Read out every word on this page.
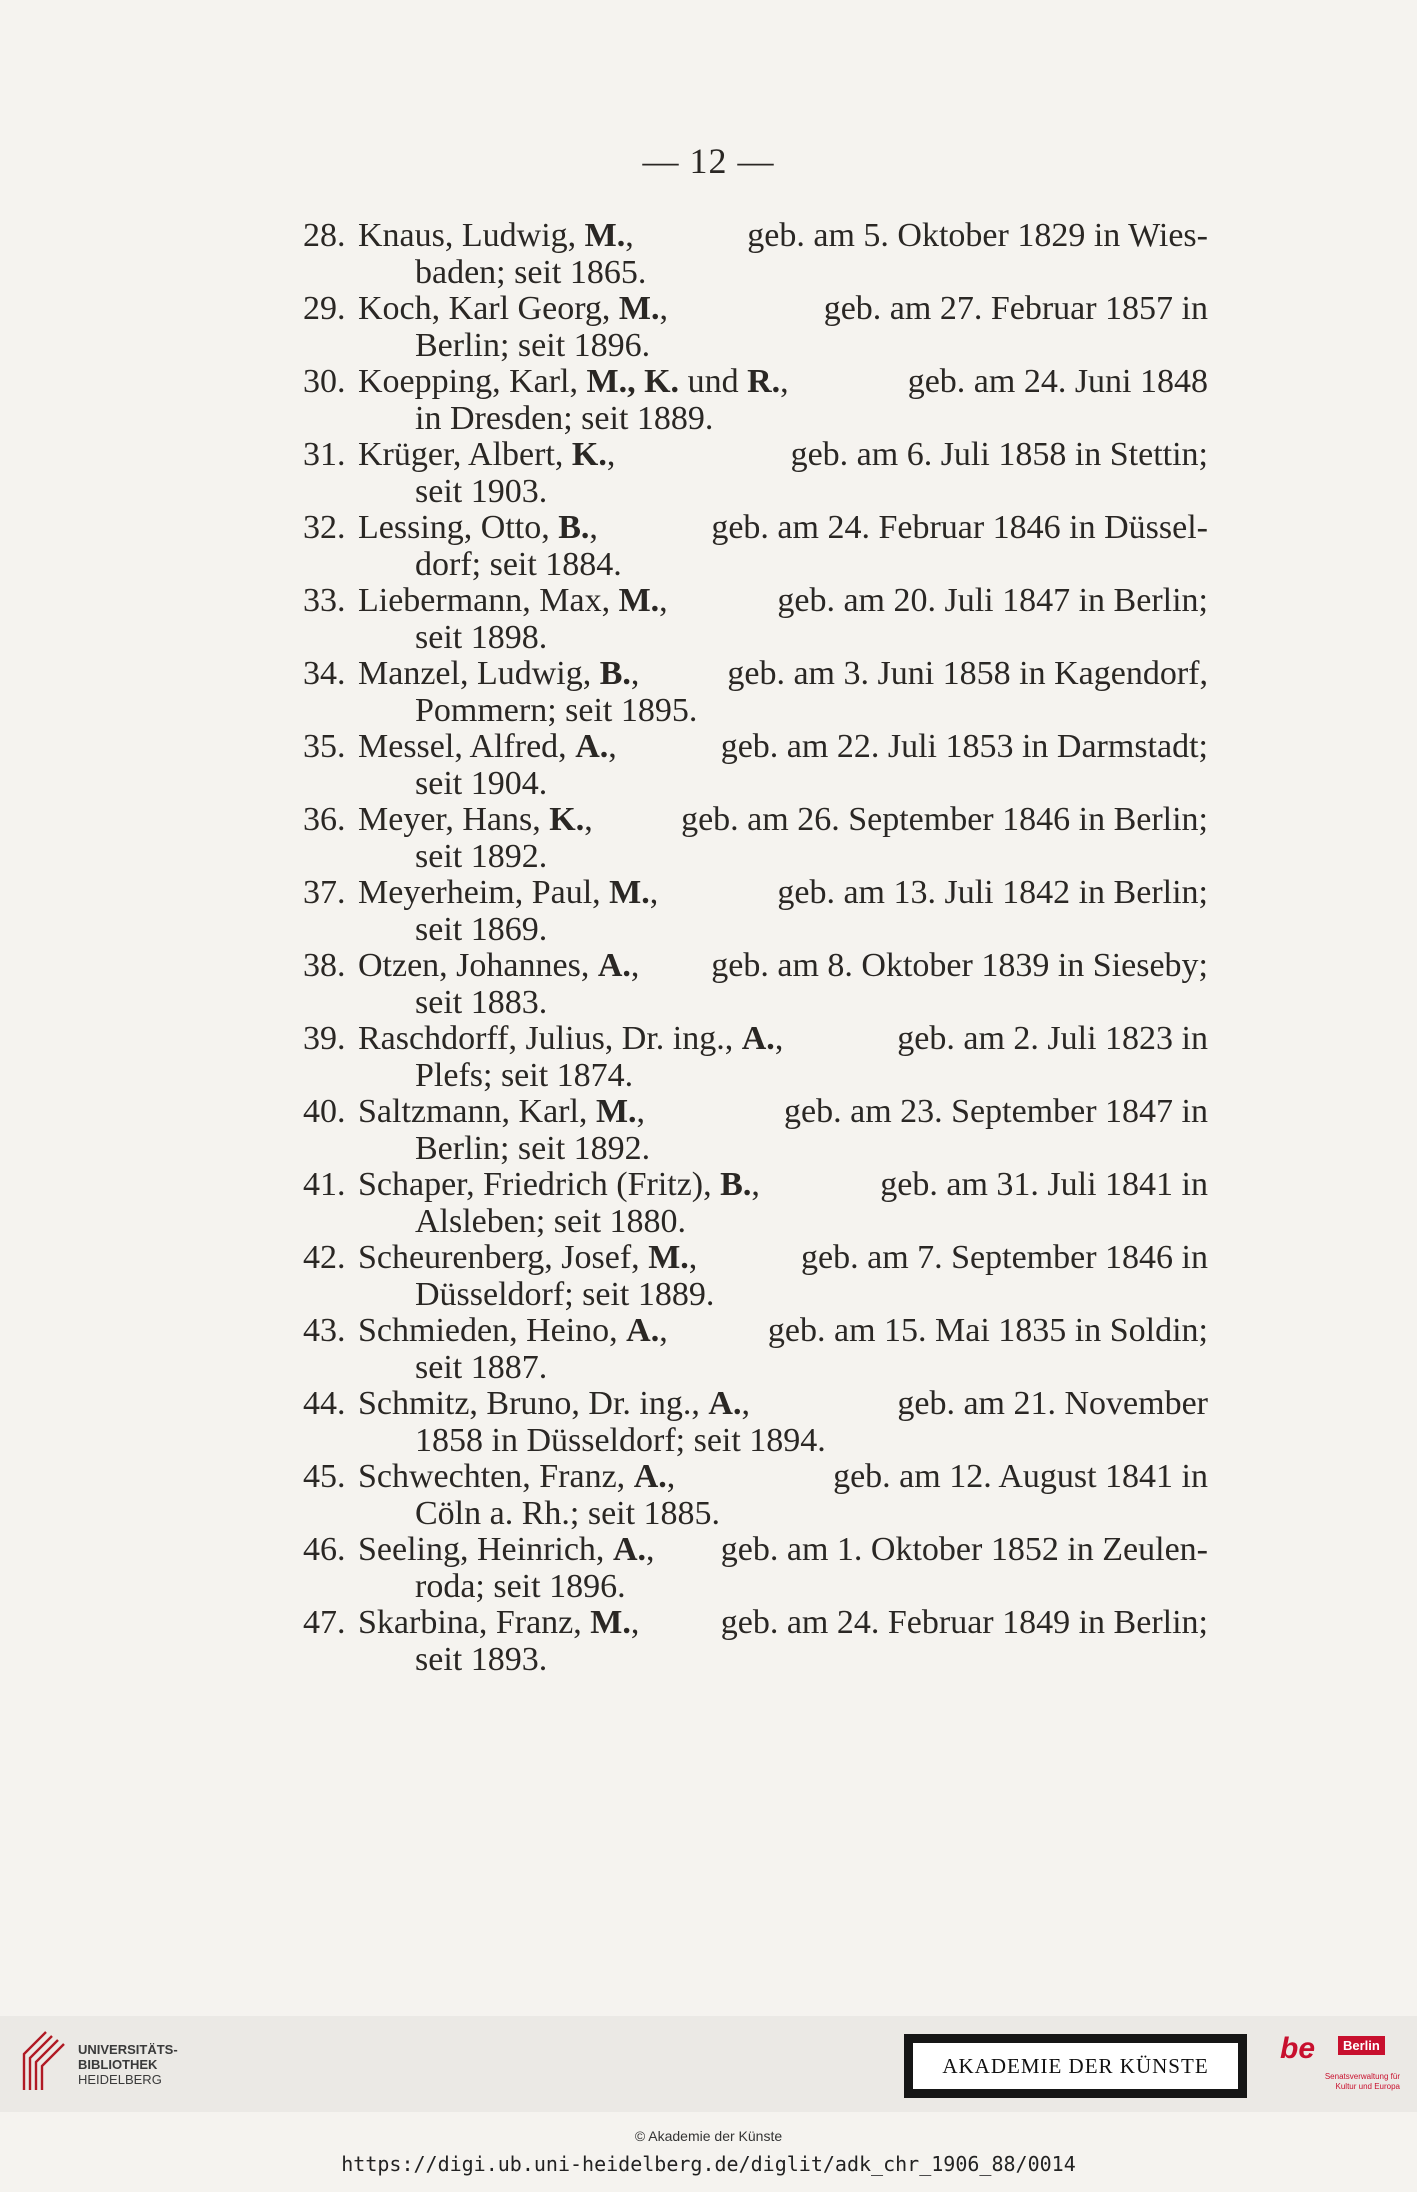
— 12 —
28. Knaus, Ludwig, M.,	geb. am 5. Oktober 1829 in Wies-
baden; seit 1865.
29. Koch, Karl Georg, M.,	geb. am 27. Februar 1857 in
Berlin; seit 1896.
30. Koepping, Karl, M., K. und R.,	geb. am 24. Juni 1848
in Dresden; seit 1889.
31. Krüger, Albert, K.,	geb. am 6. Juli 1858 in Stettin;
seit 1903.
32. Lessing, Otto, B.,	geb. am 24. Februar 1846 in Düssel-
dorf; seit 1884.
33. Liebermann, Max, M.,	geb. am 20. Juli 1847 in Berlin;
seit 1898.
34. Manzel, Ludwig, B.,	geb. am 3. Juni 1858 in Kagendorf,
Pommern; seit 1895.
35. Messel, Alfred, A.,	geb. am 22. Juli 1853 in Darmstadt;
seit 1904.
36. Meyer, Hans, K.,	geb. am 26. September 1846 in Berlin;
seit 1892.
37. Meyerheim, Paul, M.,	geb. am 13. Juli 1842 in Berlin;
seit 1869.
38. Otzen, Johannes, A., geb. am 8. Oktober 1839 in Sieseby;
seit 1883.
39. Raschdorff, Julius, Dr. ing., A.,	geb. am 2. Juli 1823 in
Plefs; seit 1874.
40. Saltzmann, Karl, M.,	geb. am 23. September 1847 in
Berlin; seit 1892.
41. Schaper, Friedrich (Fritz), B.,	geb. am 31. Juli 1841 in
Alsleben; seit 1880.
42. Scheurenberg, Josef, M.,	geb. am 7. September 1846 in
Düsseldorf; seit 1889.
43. Schmieden, Heino, A.,	geb. am 15. Mai 1835 in Soldin;
seit 1887.
44. Schmitz, Bruno, Dr. ing., A.,	geb. am 21. November
1858 in Düsseldorf; seit 1894.
45. Schwechten, Franz, A.,	geb. am 12. August 1841 in
Cöln a. Rh.; seit 1885.
46. Seeling, Heinrich, A., geb. am 1. Oktober 1852 in Zeulen-
roda; seit 1896.
47. Skarbina, Franz, M., geb. am 24. Februar 1849 in Berlin;
seit 1893.
UNIVERSITÄTS-
BIBLIOTHEK
HEIDELBERG
AKADEMIE DER KÜNSTE
be	Berlin
Senatsverwaltung für Kultur und Europa
© Akademie der Künste
https://digi.ub.uni-heidelberg.de/diglit/adk_chr_1906_88/0014
